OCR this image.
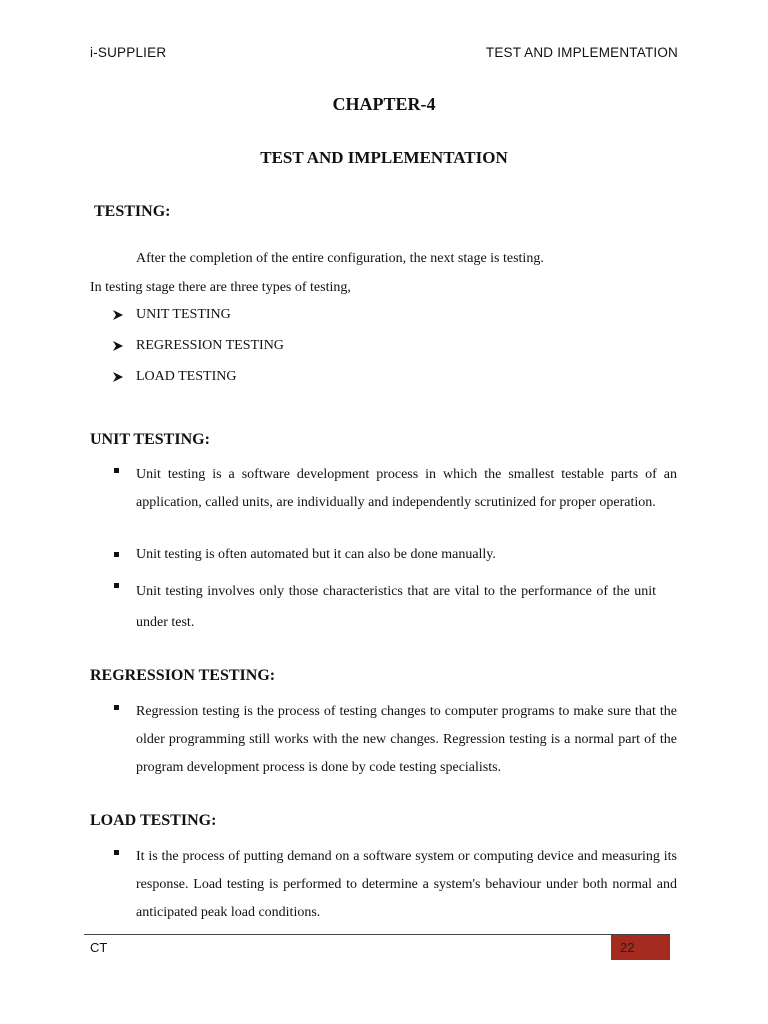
i-SUPPLIER	TEST AND IMPLEMENTATION
CHAPTER-4
TEST AND IMPLEMENTATION
TESTING:
After the completion of the entire configuration, the next stage is testing.
In testing stage there are three types of testing,
UNIT TESTING
REGRESSION TESTING
LOAD TESTING
UNIT TESTING:
Unit testing is a software development process in which the smallest testable parts of an application, called units, are individually and independently scrutinized for proper operation.
Unit testing is often automated but it can also be done manually.
Unit testing involves only those characteristics that are vital to the performance of the unit under test.
REGRESSION TESTING:
Regression testing is the process of testing changes to computer programs to make sure that the older programming still works with the new changes. Regression testing is a normal part of the program development process is done by code testing specialists.
LOAD TESTING:
It is the process of putting demand on a software system or computing device and measuring its response. Load testing is performed to determine a system's behaviour under both normal and anticipated peak load conditions.
CT	22
